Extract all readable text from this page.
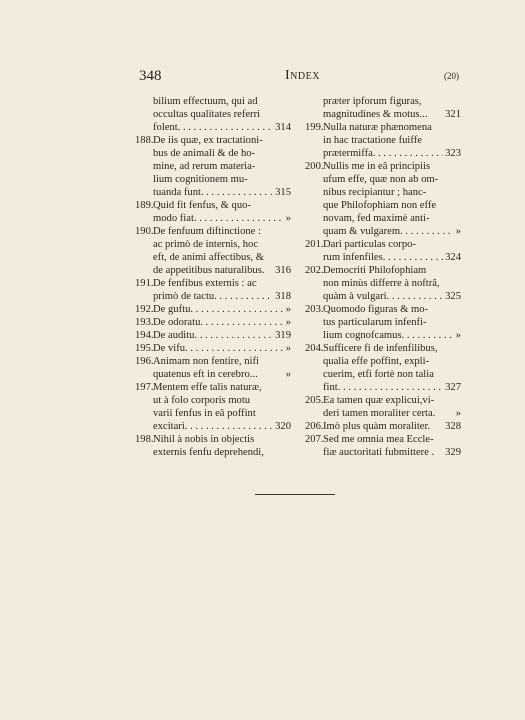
348	Index	(20)
bilium effectuum, qui ad
occultas qualitates referri
folent . . .	314
188. De iis quæ, ex tractationi-
bus de animali & de ho-
mine, ad rerum materia-
lium cognitionem mu-
tuanda funt . . .	315
189. Quid fit fenfus, & quo-
modo fiat . . .	»
190. De fenfuum diftinctione :
ac primò de internis, hoc
eft, de animi affectibus, &
de appetitibus naturalibus. 316
191. De fenfibus externis : ac
primò de tactu . . .	318
192. De guftu . . .	»
193. De odoratu . . .	»
194. De auditu . . .	319
195. De vifu . . .	»
196. Animam non fentire, nifi
quatenus eft in cerebro...	»
197. Mentem effe talis naturæ,
ut à folo corporis motu
varii fenfus in eâ poffint
excitari . . .	320
198. Nihil à nobis in objectis
externis fenfu deprehendi,
præter ipforum figuras,
magnitudines & motus... 321
199. Nulla naturæ phænomena
in hac tractatione fuiffe
prætermiffa . . .	323
200. Nullis me in eâ principiis
ufum effe, quæ non ab om-
nibus recipiantur ; hanc-
que Philofophiam non effe
novam, fed maximè anti-
quam & vulgarem . . .	»
201. Dari particulas corpo-
rum infenfiles . . .	324
202. Democriti Philofophiam
non minùs differre à noftrâ,
quàm à vulgari . . .	325
203. Quomodo figuras & mo-
tus particularum infenfi-
lium cognofcamus . . .	»
204. Sufficere fi de infenfilibus,
qualia effe poffint, expli-
cuerim, etfi fortè non talia
fint . . .	327
205. Ea tamen quæ explicui,vi-
deri tamen moraliter certa. »
206. Imò plus quàm moraliter. 328
207. Sed me omnia mea Eccle-
fiæ auctoritati fubmittere . 329
